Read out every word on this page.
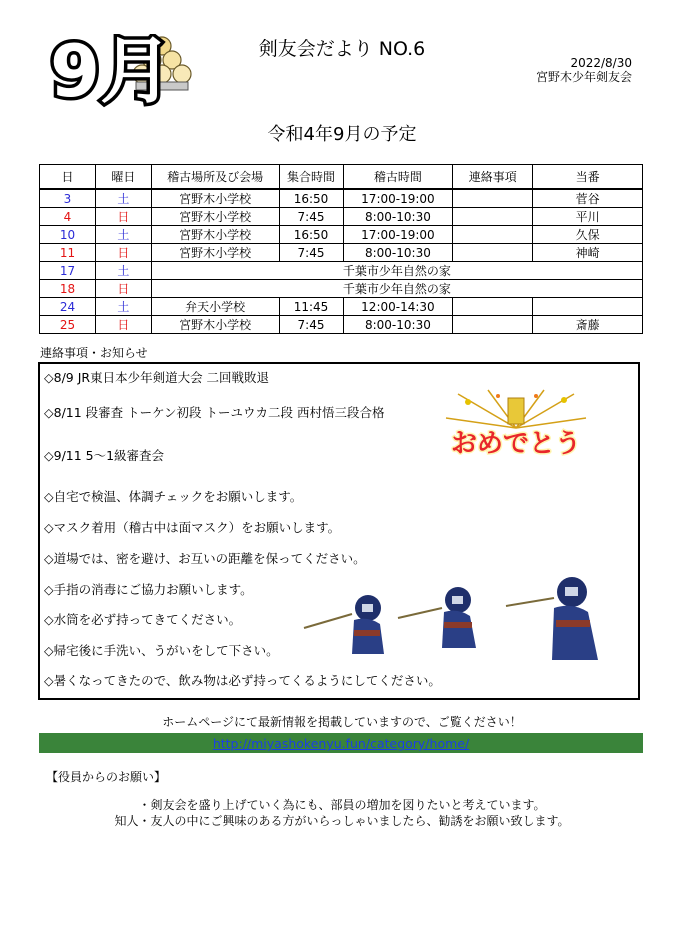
9月	剣友会だより NO.6
2022/8/30
宮野木少年剣友会
令和4年9月の予定
日	曜日	稽古場所及び会場	集合時間	稽古時間	連絡事項	当番
3	土	宮野木小学校	16:50	17:00-19:00		菅谷
4	日	宮野木小学校	7:45	8:00-10:30		平川
10	土	宮野木小学校	16:50	17:00-19:00		久保
11	日	宮野木小学校	7:45	8:00-10:30		神崎
17	土	千葉市少年自然の家				
18	日	千葉市少年自然の家				
24	土	弁天小学校	11:45	12:00-14:30		
25	日	宮野木小学校	7:45	8:00-10:30		斎藤
連絡事項・お知らせ
◇8/9 JR東日本少年剣道大会 二回戦敗退
◇8/11 段審査 トーケン初段 トーユウカ二段 西村悟三段合格
◇9/11 5～1級審査会
◇自宅で検温、体調チェックをお願いします。
◇マスク着用（稽古中は面マスク）をお願いします。
◇道場では、密を避け、お互いの距離を保ってください。
◇手指の消毒にご協力お願いします。
◇水筒を必ず持ってきてください。
◇帰宅後に手洗い、うがいをして下さい。
◇暑くなってきたので、飲み物は必ず持ってくるようにしてください。
おめでとう
ホームページにて最新情報を掲載していますので、ご覧ください！
http://miyashokenyu.fun/category/home/
【役員からのお願い】
・剣友会を盛り上げていく為にも、部員の増加を図りたいと考えています。
知人・友人の中にご興味のある方がいらっしゃいましたら、勧誘をお願い致します。
